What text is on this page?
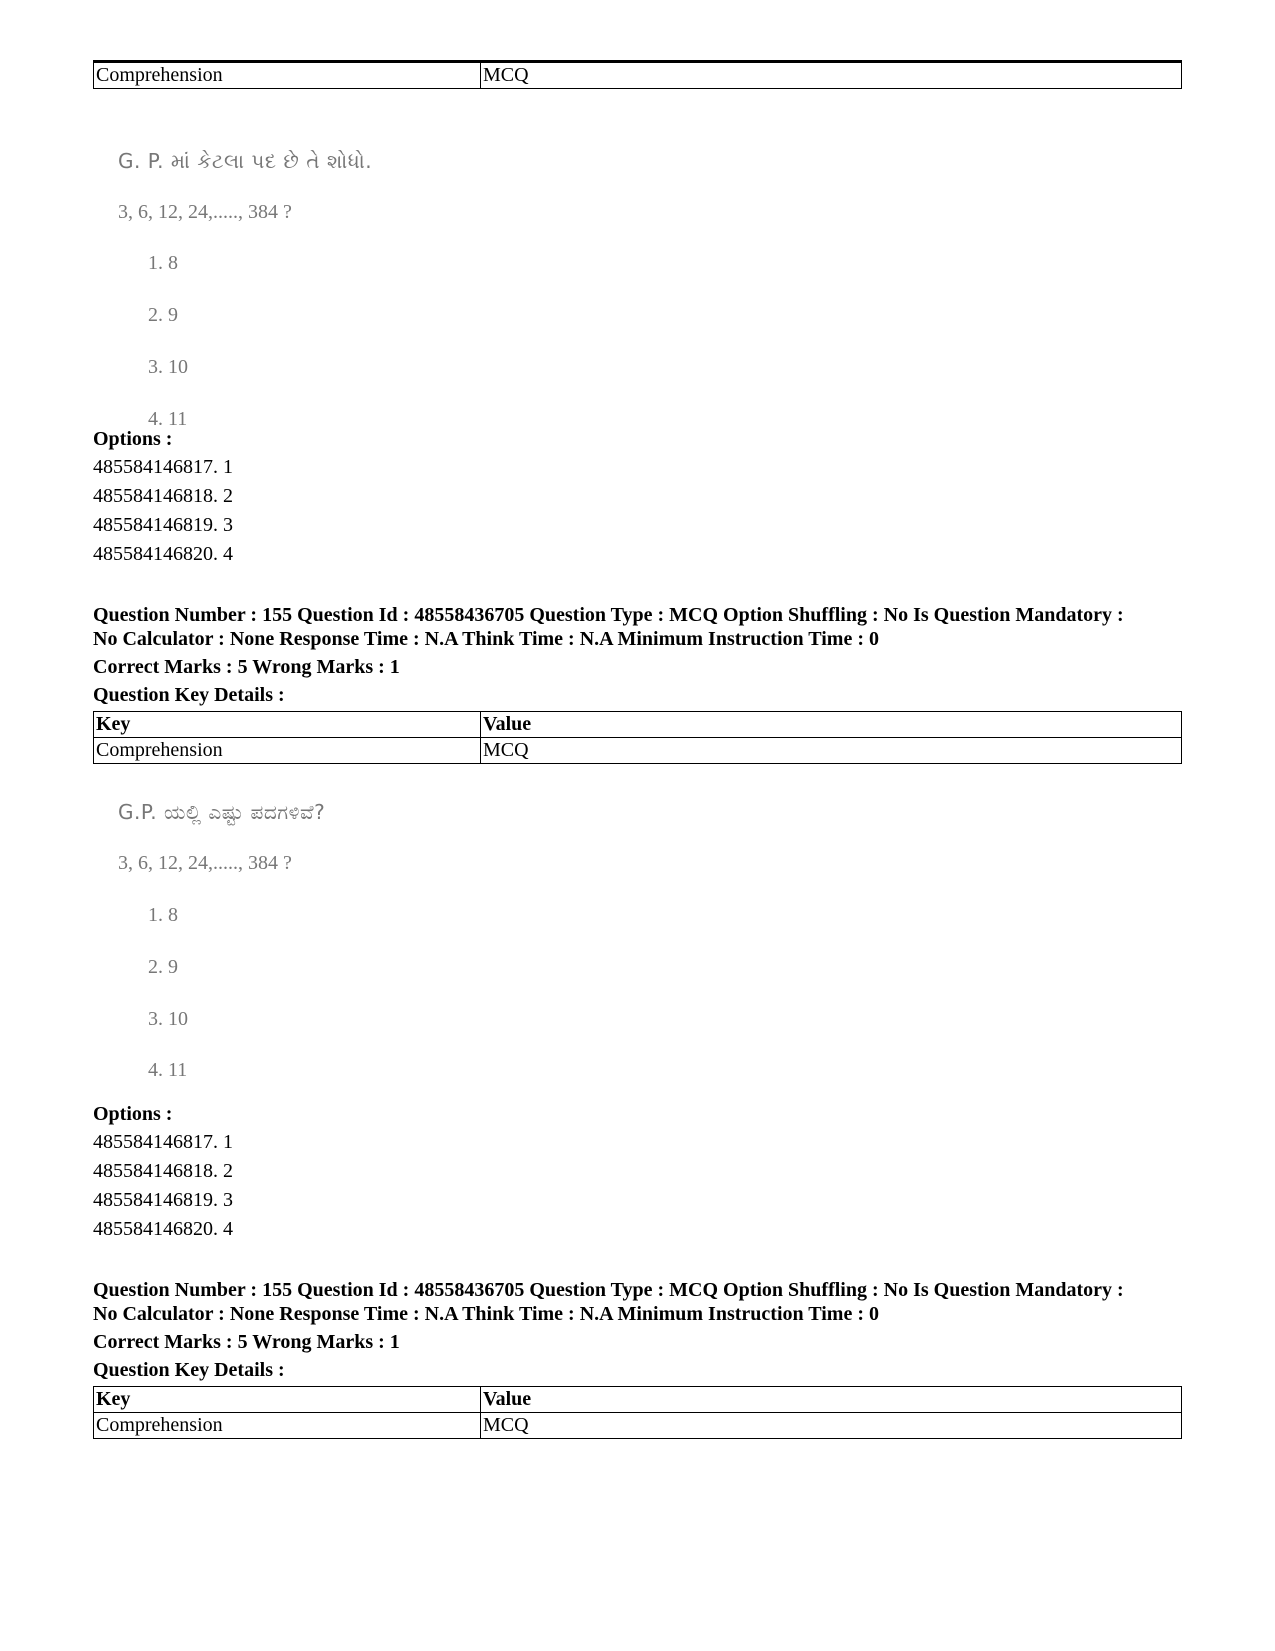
Comprehension	MCQ
G. P. માં કેટલા પદ છે તે શોધો.
3, 6, 12, 24,....., 384 ?
1. 8
2. 9
3. 10
4. 11
Options :
485584146817. 1
485584146818. 2
485584146819. 3
485584146820. 4
Question Number : 155 Question Id : 48558436705 Question Type : MCQ Option Shuffling : No Is Question Mandatory :
No Calculator : None Response Time : N.A Think Time : N.A Minimum Instruction Time : 0
Correct Marks : 5 Wrong Marks : 1
Question Key Details :
Key	Value
Comprehension	MCQ
G.P. ಯಲ್ಲಿ ಎಷ್ಟು ಪದಗಳಿವೆ?
3, 6, 12, 24,....., 384 ?
1. 8
2. 9
3. 10
4. 11
Options :
485584146817. 1
485584146818. 2
485584146819. 3
485584146820. 4
Question Number : 155 Question Id : 48558436705 Question Type : MCQ Option Shuffling : No Is Question Mandatory :
No Calculator : None Response Time : N.A Think Time : N.A Minimum Instruction Time : 0
Correct Marks : 5 Wrong Marks : 1
Question Key Details :
Key	Value
Comprehension	MCQ
